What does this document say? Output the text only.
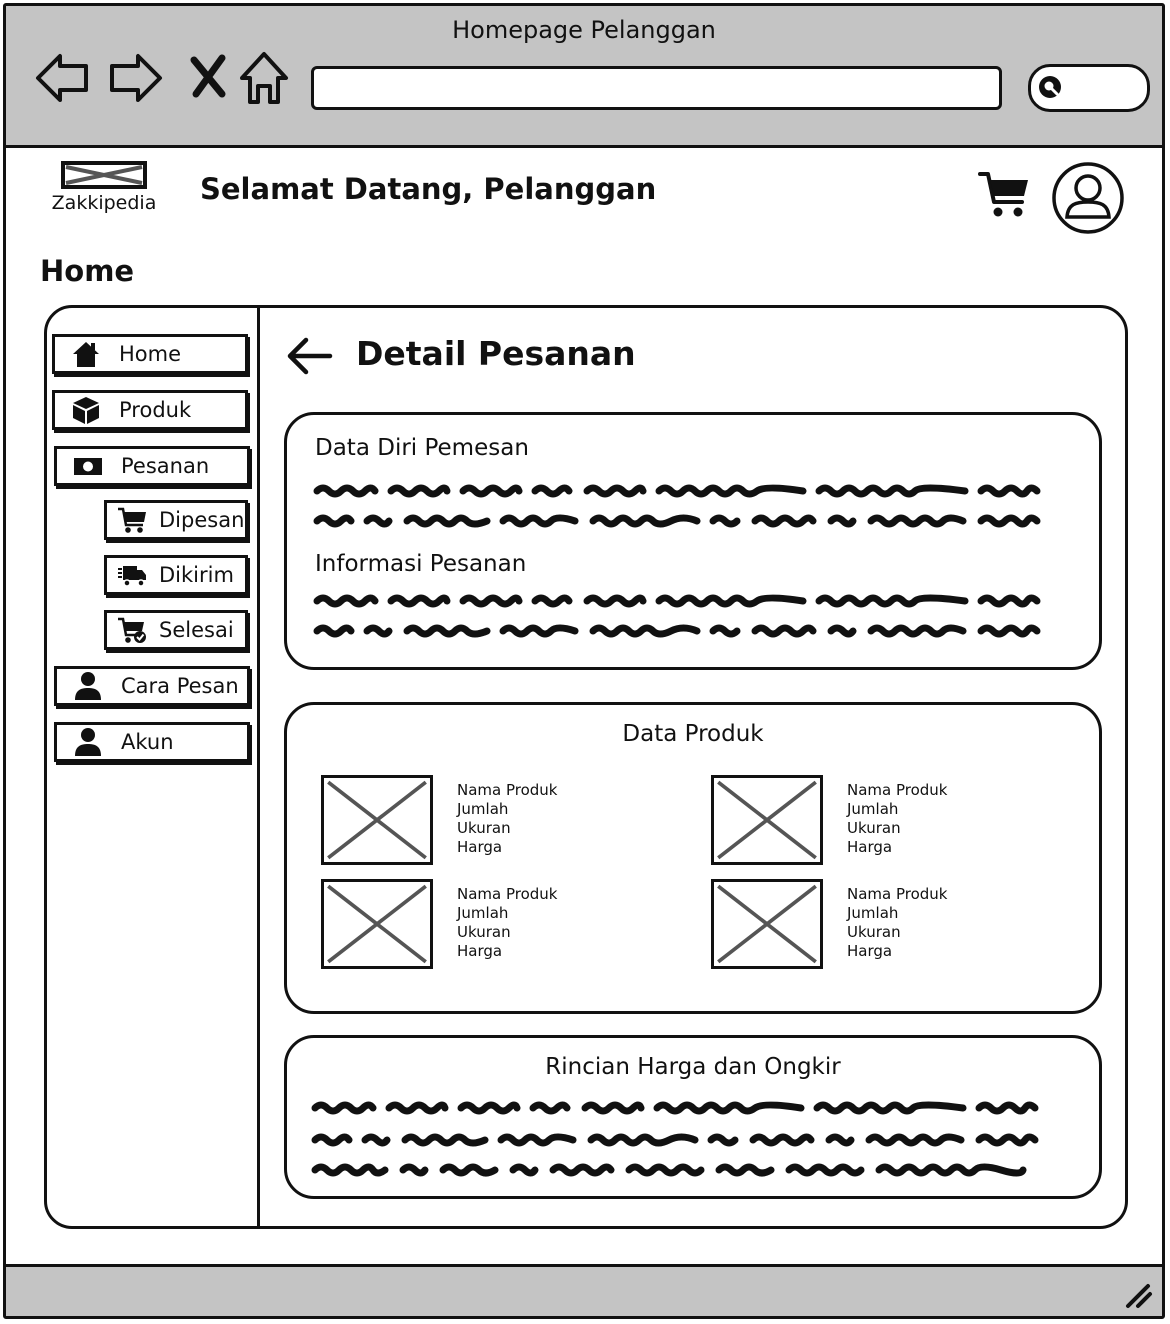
Homepage Pelanggan
Zakkipedia Selamat Datang, Pelanggan
Home
Home
Produk
Pesanan
Dipesan
Dikirim
Selesai
Cara Pesan
Akun
Detail Pesanan
Data Diri Pemesan
Informasi Pesanan
Data Produk
Nama Produk
Jumlah
Ukuran
Harga
Nama Produk
Jumlah
Ukuran
Harga
Nama Produk
Jumlah
Ukuran
Harga
Nama Produk
Jumlah
Ukuran
Harga
Rincian Harga dan Ongkir
